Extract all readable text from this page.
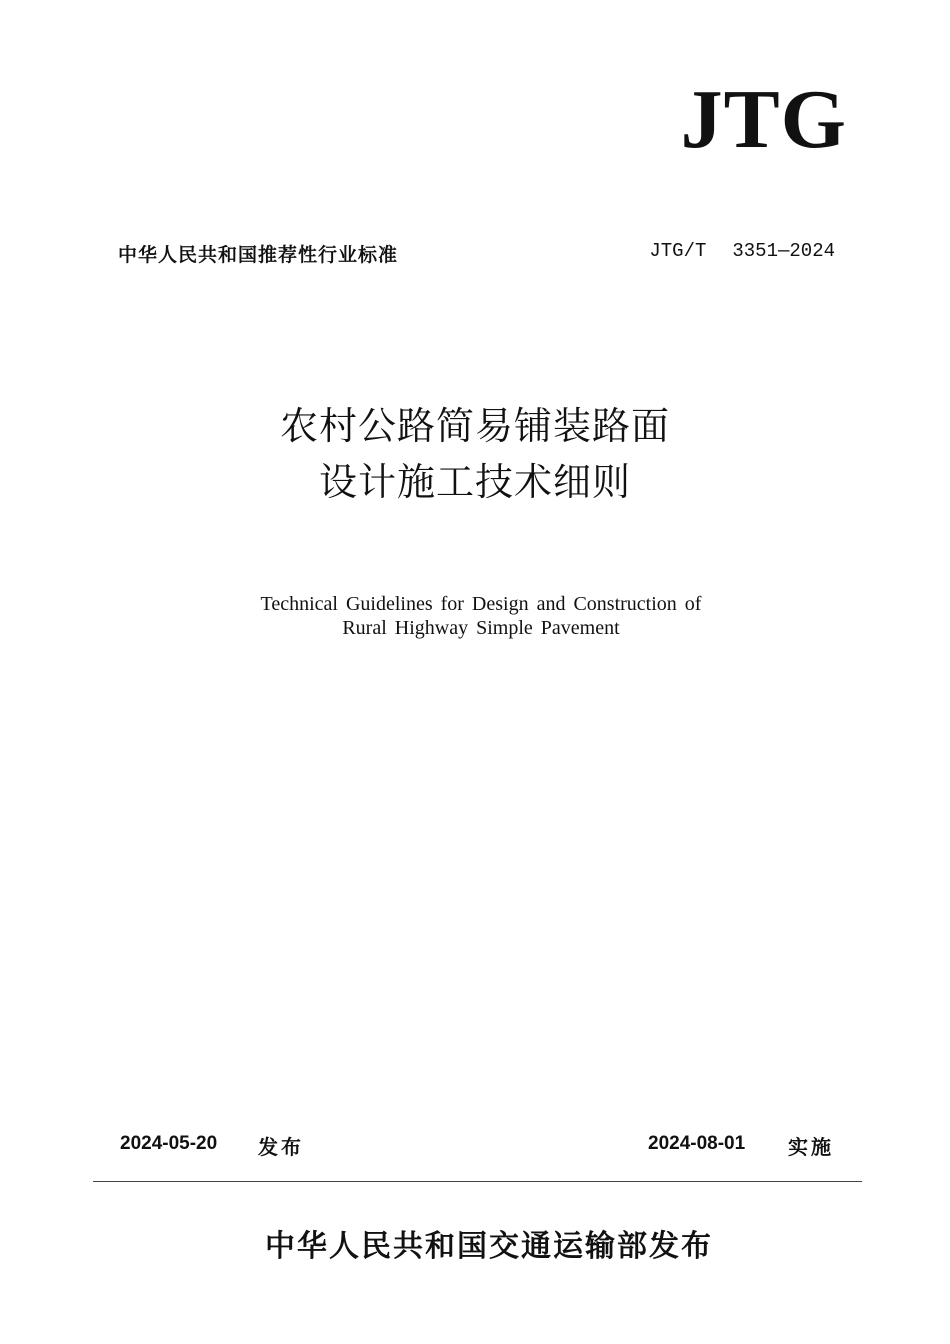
JTG
中华人民共和国推荐性行业标准	JTG/T 3351—2024
农村公路简易铺装路面
设计施工技术细则
Technical Guidelines for Design and Construction of
Rural Highway Simple Pavement
2024-05-20 发布	2024-08-01 实施
中华人民共和国交通运输部发布
